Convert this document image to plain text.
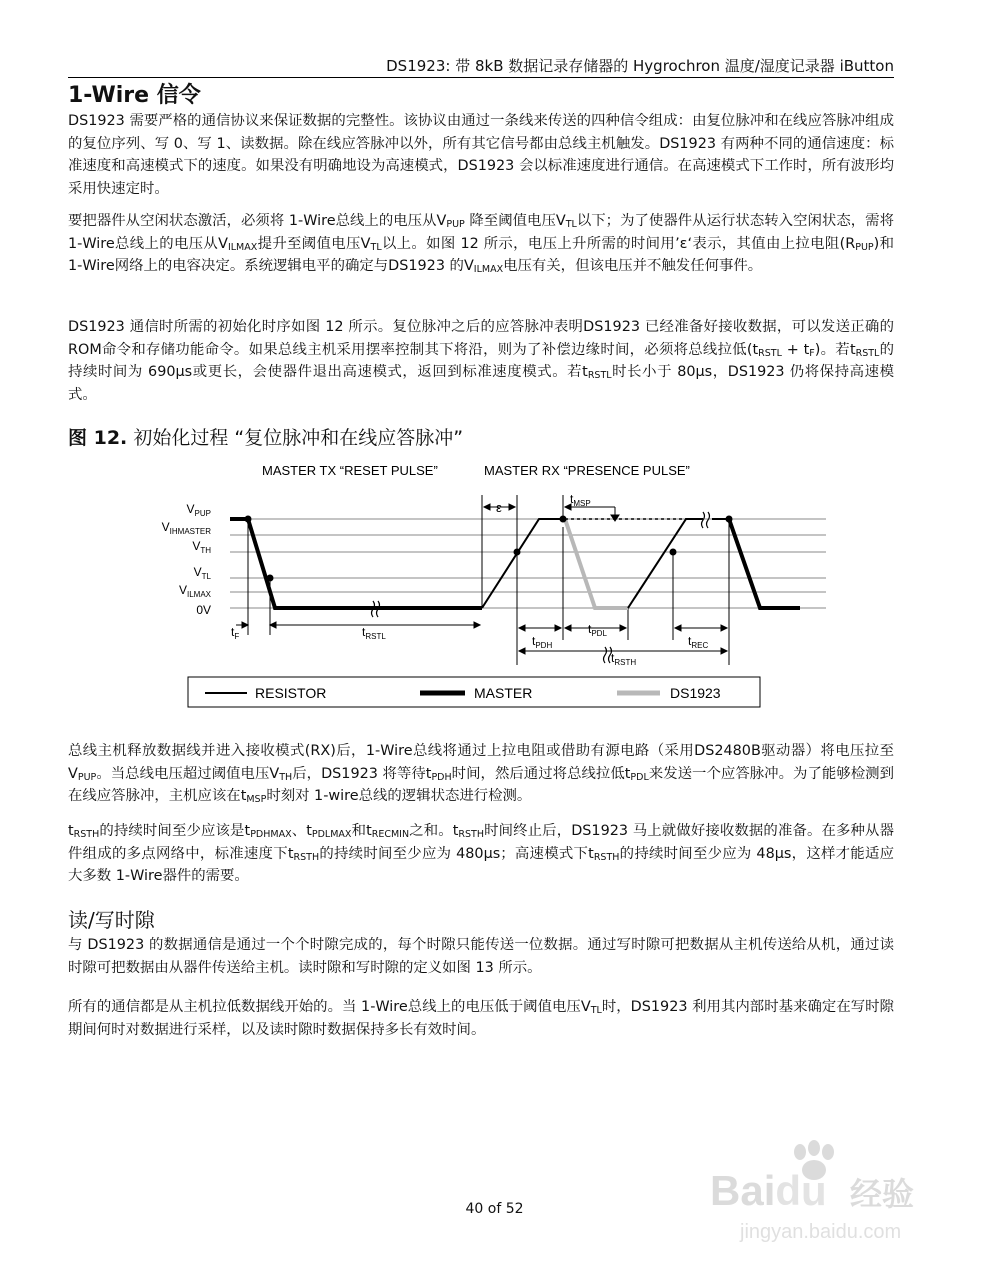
DS1923: 带 8kB 数据记录存储器的 Hygrochron 温度/湿度记录器 iButton
1-Wire 信令
DS1923 需要严格的通信协议来保证数据的完整性。该协议由通过一条线来传送的四种信令组成：由复位脉冲和在线应答脉冲组成的复位序列、写 0、写 1、读数据。除在线应答脉冲以外，所有其它信号都由总线主机触发。DS1923 有两种不同的通信速度：标准速度和高速模式下的速度。如果没有明确地设为高速模式，DS1923 会以标准速度进行通信。在高速模式下工作时，所有波形均采用快速定时。
要把器件从空闲状态激活，必须将 1-Wire总线上的电压从$V_{PUP}$ 降至阈值电压$V_{TL}$以下；为了使器件从运行状态转入空闲状态，需将 1-Wire总线上的电压从$V_{ILMAX}$提升至阈值电压$V_{TL}$以上。如图 12 所示，电压上升所需的时间用’ε‘表示，其值由上拉电阻$(R_{PUP})$和 1-Wire网络上的电容决定。系统逻辑电平的确定与DS1923 的$V_{ILMAX}$电压有关，但该电压并不触发任何事件。
DS1923 通信时所需的初始化时序如图 12 所示。复位脉冲之后的应答脉冲表明DS1923 已经准备好接收数据，可以发送正确的ROM命令和存储功能命令。如果总线主机采用摆率控制其下将沿，则为了补偿边缘时间，必须将总线拉低$(t_{RSTL} + t_F)$。若$t_{RSTL}$的持续时间为 690µs或更长，会使器件退出高速模式，返回到标准速度模式。若$t_{RSTL}$时长小于 80µs，DS1923 仍将保持高速模式。
图 12. 初始化过程 “复位脉冲和在线应答脉冲”
MASTER TX “RESET PULSE”	MASTER RX “PRESENCE PULSE”
$V_{PUP}$
$V_{IHMASTER}$
$V_{TH}$
$V_{TL}$
$V_{ILMAX}$
0V
ε
$t_{MSP}$
$t_F$	$t_{RSTL}$	$t_{PDH}$
$t_{PDL}$
$t_{REC}$
$t_{RSTH}$
RESISTOR	MASTER	DS1923
总线主机释放数据线并进入接收模式(RX)后，1-Wire总线将通过上拉电阻或借助有源电路（采用DS2480B驱动器）将电压拉至$V_{PUP}$。当总线电压超过阈值电压$V_{TH}$后，DS1923 将等待$t_{PDH}$时间，然后通过将总线拉低$t_{PDL}$来发送一个应答脉冲。为了能够检测到在线应答脉冲，主机应该在$t_{MSP}$时刻对 1-wire总线的逻辑状态进行检测。
$t_{RSTH}$的持续时间至少应该是$t_{PDHMAX}$、$t_{PDLMAX}$和$t_{RECMIN}$之和。$t_{RSTH}$时间终止后，DS1923 马上就做好接收数据的准备。在多种从器件组成的多点网络中，标准速度下$t_{RSTH}$的持续时间至少应为 480µs；高速模式下$t_{RSTH}$的持续时间至少应为 48µs，这样才能适应大多数 1-Wire器件的需要。
读/写时隙
与 DS1923 的数据通信是通过一个个时隙完成的，每个时隙只能传送一位数据。通过写时隙可把数据从主机传送给从机，通过读时隙可把数据由从器件传送给主机。读时隙和写时隙的定义如图 13 所示。
所有的通信都是从主机拉低数据线开始的。当 1-Wire总线上的电压低于阈值电压$V_{TL}$时，DS1923 利用其内部时基来确定在写时隙期间何时对数据进行采样，以及读时隙时数据保持多长有效时间。
Baidu 经验
jingyan.baidu.com
40 of 52
